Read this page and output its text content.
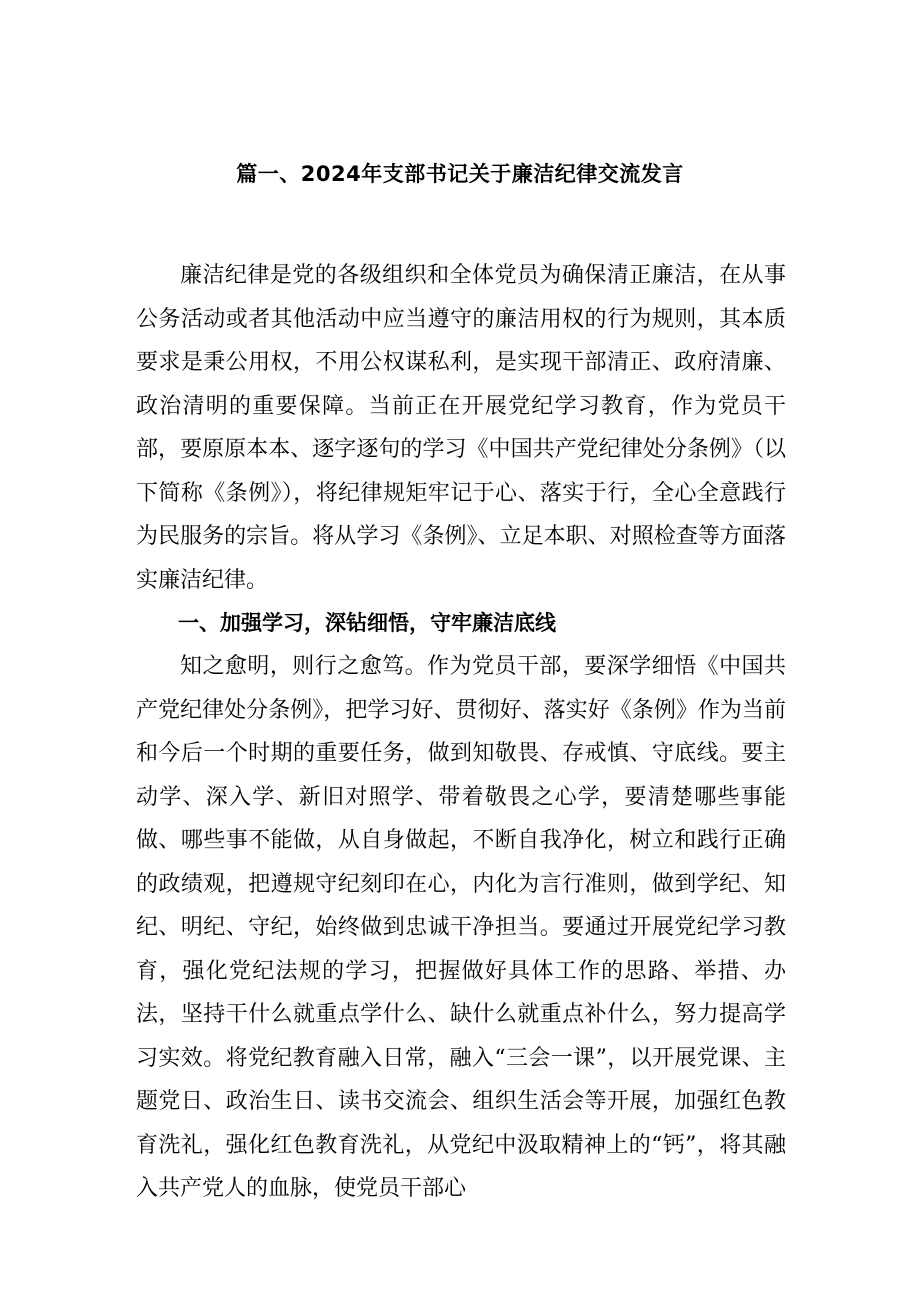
篇一、2024年支部书记关于廉洁纪律交流发言

廉洁纪律是党的各级组织和全体党员为确保清正廉洁，在从事公务活动或者其他活动中应当遵守的廉洁用权的行为规则，其本质要求是秉公用权，不用公权谋私利，是实现干部清正、政府清廉、政治清明的重要保障。当前正在开展党纪学习教育，作为党员干部，要原原本本、逐字逐句的学习《中国共产党纪律处分条例》（以下简称《条例》），将纪律规矩牢记于心、落实于行，全心全意践行为民服务的宗旨。将从学习《条例》、立足本职、对照检查等方面落实廉洁纪律。

一、加强学习，深钻细悟，守牢廉洁底线

知之愈明，则行之愈笃。作为党员干部，要深学细悟《中国共产党纪律处分条例》，把学习好、贯彻好、落实好《条例》作为当前和今后一个时期的重要任务，做到知敬畏、存戒慎、守底线。要主动学、深入学、新旧对照学、带着敬畏之心学，要清楚哪些事能做、哪些事不能做，从自身做起，不断自我净化，树立和践行正确的政绩观，把遵规守纪刻印在心，内化为言行准则，做到学纪、知纪、明纪、守纪，始终做到忠诚干净担当。要通过开展党纪学习教育，强化党纪法规的学习，把握做好具体工作的思路、举措、办法，坚持干什么就重点学什么、缺什么就重点补什么，努力提高学习实效。将党纪教育融入日常，融入“三会一课”，以开展党课、主题党日、政治生日、读书交流会、组织生活会等开展，加强红色教育洗礼，强化红色教育洗礼，从党纪中汲取精神上的“钙”，将其融入共产党人的血脉，使党员干部心
